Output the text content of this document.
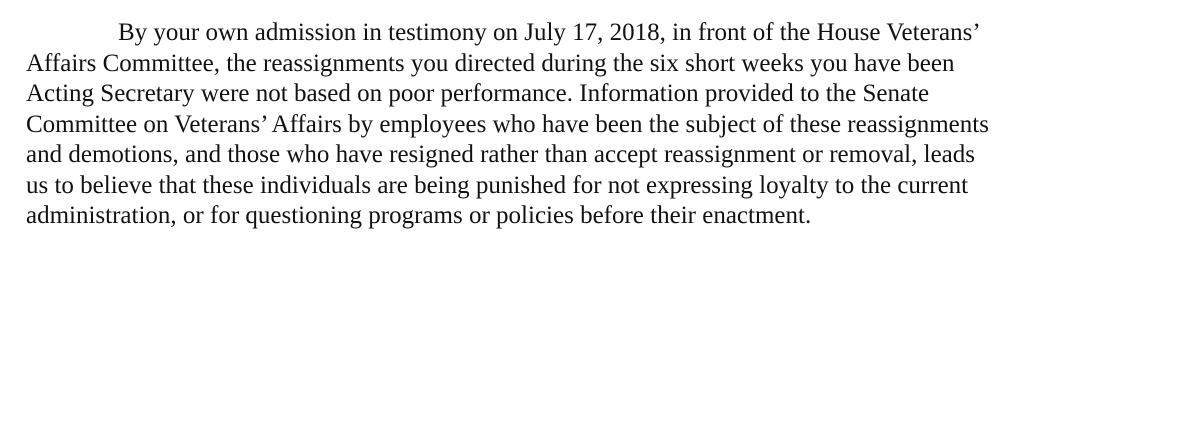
By your own admission in testimony on July 17, 2018, in front of the House Veterans’
Affairs Committee, the reassignments you directed during the six short weeks you have been
Acting Secretary were not based on poor performance. Information provided to the Senate
Committee on Veterans’ Affairs by employees who have been the subject of these reassignments
and demotions, and those who have resigned rather than accept reassignment or removal, leads
us to believe that these individuals are being punished for not expressing loyalty to the current
administration, or for questioning programs or policies before their enactment.
